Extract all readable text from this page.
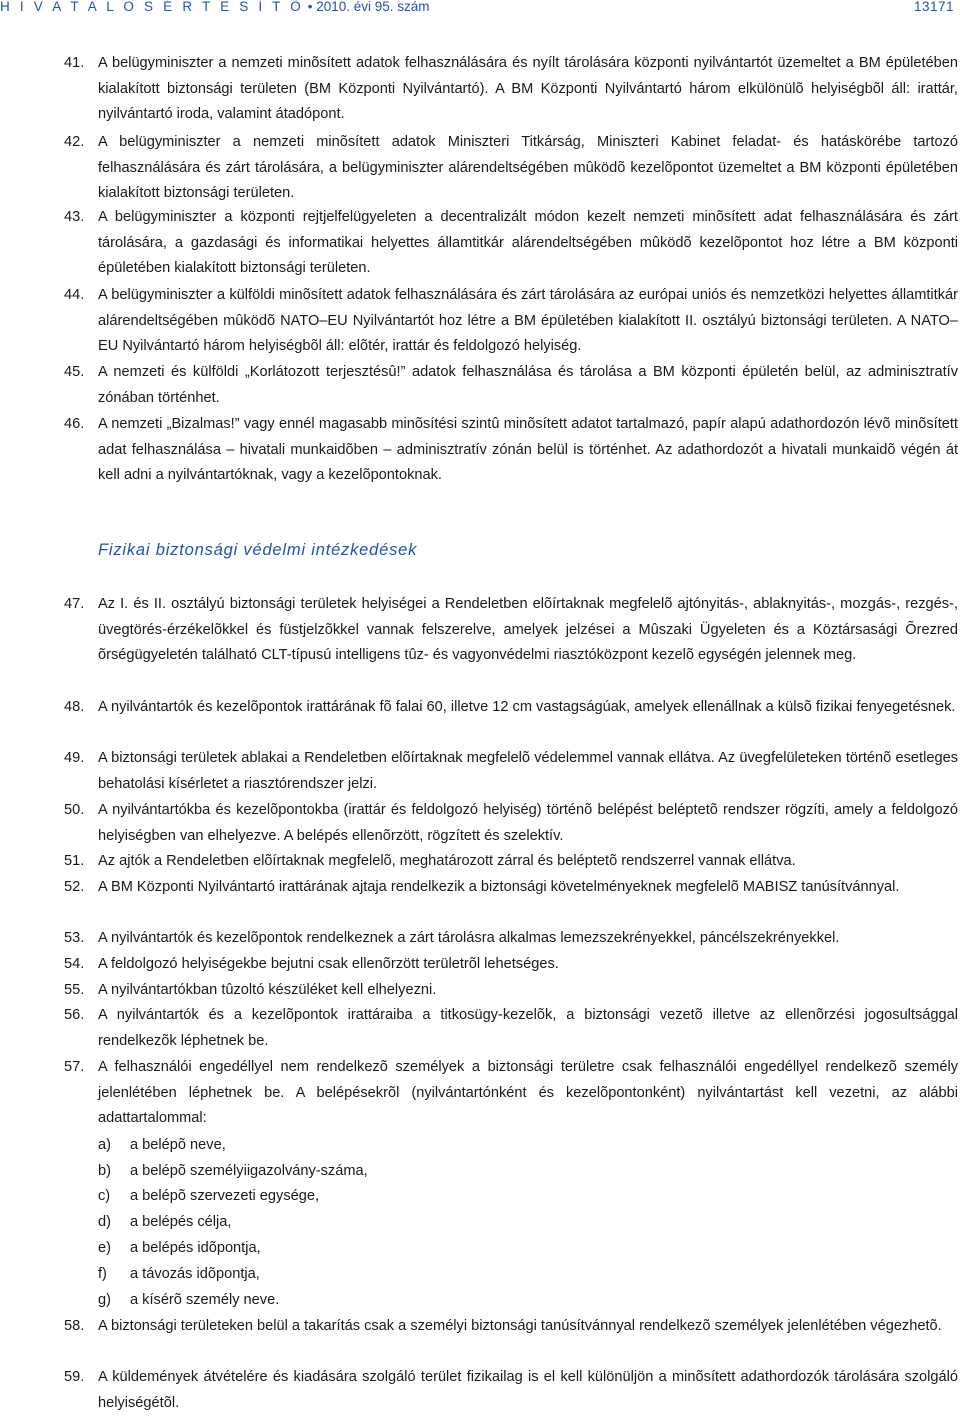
H I V A T A L O S É R T E S Í T Õ • 2010. évi 95. szám	13171
41. A belügyminiszter a nemzeti minõsített adatok felhasználására és nyílt tárolására központi nyilvántartót üzemeltet a BM épületében kialakított biztonsági területen (BM Központi Nyilvántartó). A BM Központi Nyilvántartó három elkülönülõ helyiségbõl áll: irattár, nyilvántartó iroda, valamint átadópont.
42. A belügyminiszter a nemzeti minõsített adatok Miniszteri Titkárság, Miniszteri Kabinet feladat- és hatáskörébe tartozó felhasználására és zárt tárolására, a belügyminiszter alárendeltségében mûködõ kezelõpontot üzemeltet a BM központi épületében kialakított biztonsági területen.
43. A belügyminiszter a központi rejtjelfelügyeleten a decentralizált módon kezelt nemzeti minõsített adat felhasználására és zárt tárolására, a gazdasági és informatikai helyettes államtitkár alárendeltségében mûködõ kezelõpontot hoz létre a BM központi épületében kialakított biztonsági területen.
44. A belügyminiszter a külföldi minõsített adatok felhasználására és zárt tárolására az európai uniós és nemzetközi helyettes államtitkár alárendeltségében mûködõ NATO–EU Nyilvántartót hoz létre a BM épületében kialakított II. osztályú biztonsági területen. A NATO–EU Nyilvántartó három helyiségbõl áll: elõtér, irattár és feldolgozó helyiség.
45. A nemzeti és külföldi „Korlátozott terjesztésû!” adatok felhasználása és tárolása a BM központi épületén belül, az adminisztratív zónában történhet.
46. A nemzeti „Bizalmas!” vagy ennél magasabb minõsítési szintû minõsített adatot tartalmazó, papír alapú adathordozón lévõ minõsített adat felhasználása – hivatali munkaidõben – adminisztratív zónán belül is történhet. Az adathordozót a hivatali munkaidõ végén át kell adni a nyilvántartóknak, vagy a kezelõpontoknak.
Fizikai biztonsági védelmi intézkedések
47. Az I. és II. osztályú biztonsági területek helyiségei a Rendeletben elõírtaknak megfelelõ ajtónyitás-, ablaknyitás-, mozgás-, rezgés-, üvegtörés-érzékelõkkel és füstjelzõkkel vannak felszerelve, amelyek jelzései a Mûszaki Ügyeleten és a Köztársasági Õrezred õrségügyeletén található CLT-típusú intelligens tûz- és vagyonvédelmi riasztóközpont kezelõ egységén jelennek meg.
48. A nyilvántartók és kezelõpontok irattárának fõ falai 60, illetve 12 cm vastagságúak, amelyek ellenállnak a külsõ fizikai fenyegetésnek.
49. A biztonsági területek ablakai a Rendeletben elõírtaknak megfelelõ védelemmel vannak ellátva. Az üvegfelületeken történõ esetleges behatolási kísérletet a riasztórendszer jelzi.
50. A nyilvántartókba és kezelõpontokba (irattár és feldolgozó helyiség) történõ belépést beléptetõ rendszer rögzíti, amely a feldolgozó helyiségben van elhelyezve. A belépés ellenõrzött, rögzített és szelektív.
51. Az ajtók a Rendeletben elõírtaknak megfelelõ, meghatározott zárral és beléptetõ rendszerrel vannak ellátva.
52. A BM Központi Nyilvántartó irattárának ajtaja rendelkezik a biztonsági követelményeknek megfelelõ MABISZ tanúsítvánnyal.
53. A nyilvántartók és kezelõpontok rendelkeznek a zárt tárolásra alkalmas lemezszekrényekkel, páncélszekrényekkel.
54. A feldolgozó helyiségekbe bejutni csak ellenõrzött területrõl lehetséges.
55. A nyilvántartókban tûzoltó készüléket kell elhelyezni.
56. A nyilvántartók és a kezelõpontok irattáraiba a titkosügy-kezelõk, a biztonsági vezetõ illetve az ellenõrzési jogosultsággal rendelkezõk léphetnek be.
57. A felhasználói engedéllyel nem rendelkezõ személyek a biztonsági területre csak felhasználói engedéllyel rendelkezõ személy jelenlétében léphetnek be. A belépésekrõl (nyilvántartónként és kezelõpontonként) nyilvántartást kell vezetni, az alábbi adattartalommal:
a) a belépõ neve,
b) a belépõ személyiigazolvány-száma,
c) a belépõ szervezeti egysége,
d) a belépés célja,
e) a belépés idõpontja,
f) a távozás idõpontja,
g) a kísérõ személy neve.
58. A biztonsági területeken belül a takarítás csak a személyi biztonsági tanúsítvánnyal rendelkezõ személyek jelenlétében végezhetõ.
59. A küldemények átvételére és kiadására szolgáló terület fizikailag is el kell különüljön a minõsített adathordozók tárolására szolgáló helyiségétõl.
